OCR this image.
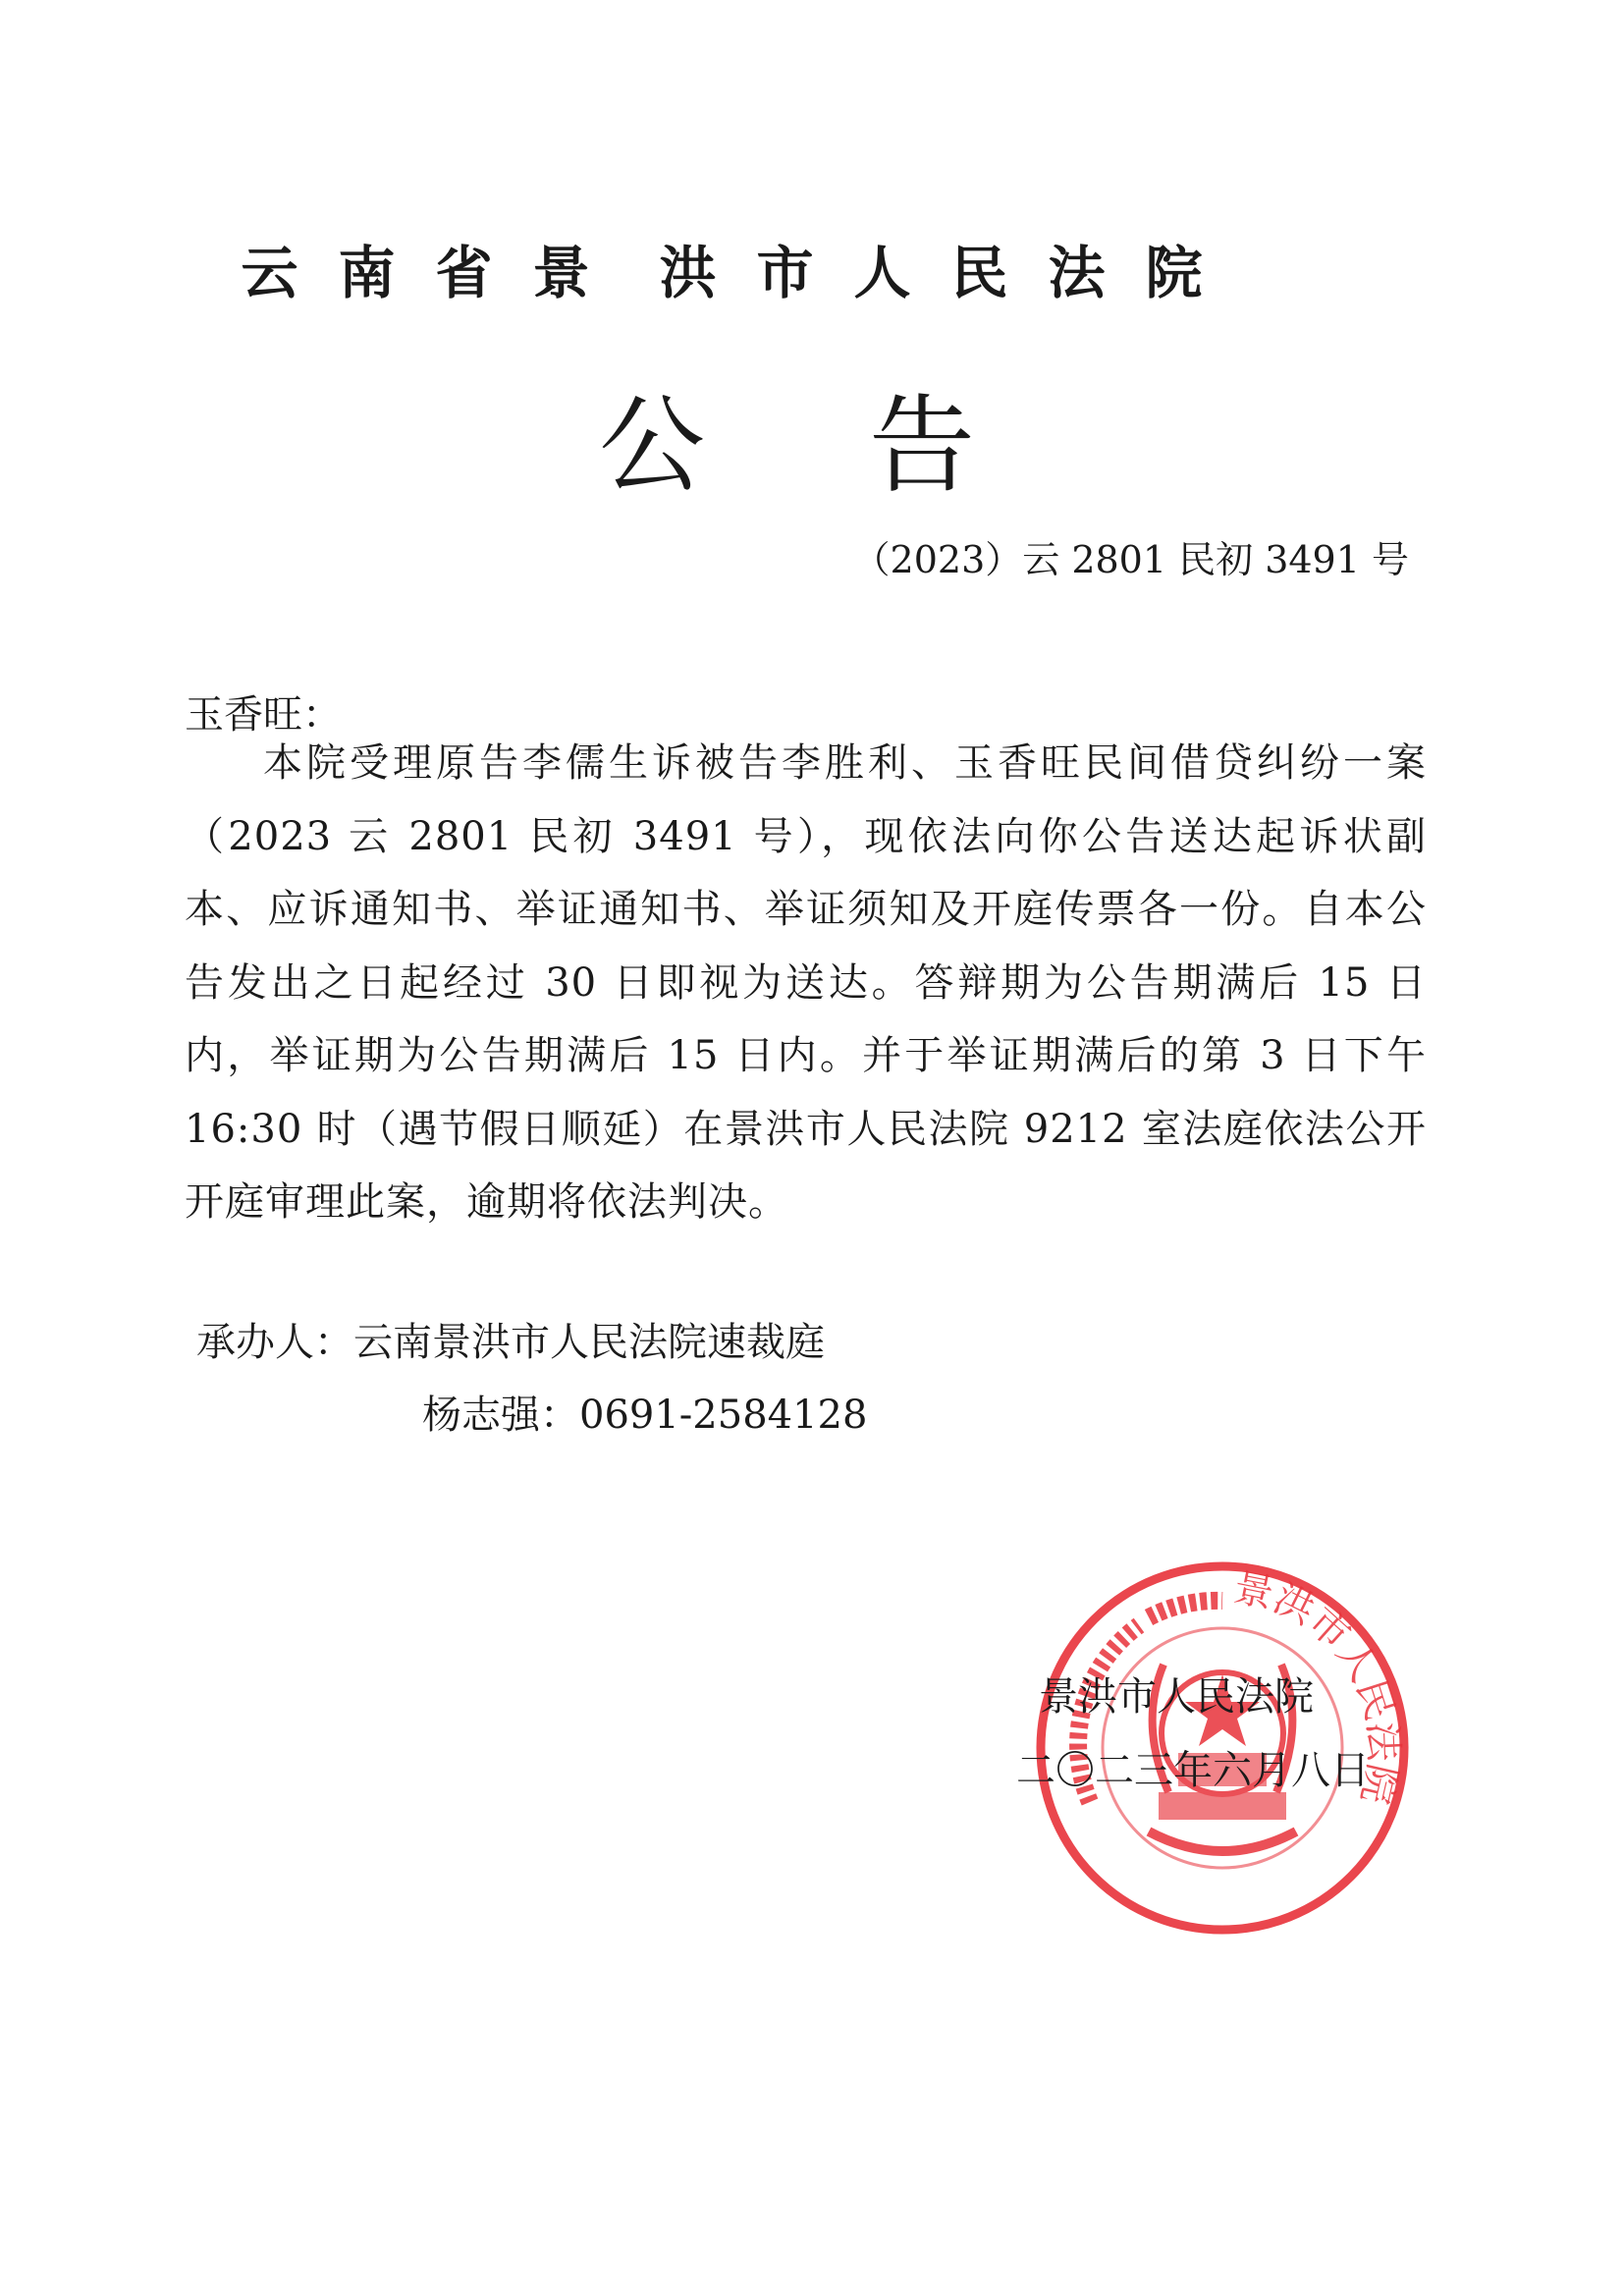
云 南 省 景 洪 市 人 民 法 院
公 告
（2023）云 2801 民初 3491 号
玉香旺：
本院受理原告李儒生诉被告李胜利、玉香旺民间借贷纠纷一案（2023 云 2801 民初 3491 号），现依法向你公告送达起诉状副本、应诉通知书、举证通知书、举证须知及开庭传票各一份。自本公告发出之日起经过 30 日即视为送达。答辩期为公告期满后 15 日内，举证期为公告期满后 15 日内。并于举证期满后的第 3 日下午 16:30 时（遇节假日顺延）在景洪市人民法院 9212 室法庭依法公开开庭审理此案，逾期将依法判决。
承办人：云南景洪市人民法院速裁庭
杨志强：0691-2584128
景洪市人民法院
景洪市人民法院
二〇二三年六月八日
